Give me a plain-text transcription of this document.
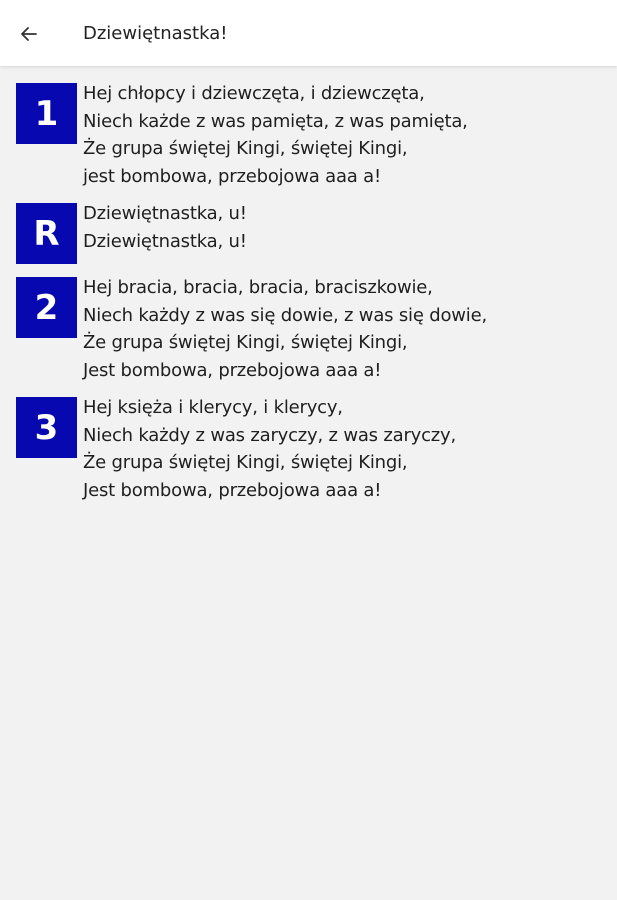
Dziewiętnastka!
1	Hej chłopcy i dziewczęta, i dziewczęta,
Niech każde z was pamięta, z was pamięta,
Że grupa świętej Kingi, świętej Kingi,
jest bombowa, przebojowa aaa a!
R	Dziewiętnastka, u!
Dziewiętnastka, u!
2	Hej bracia, bracia, bracia, braciszkowie,
Niech każdy z was się dowie, z was się dowie,
Że grupa świętej Kingi, świętej Kingi,
Jest bombowa, przebojowa aaa a!
3	Hej księża i klerycy, i klerycy,
Niech każdy z was zaryczy, z was zaryczy,
Że grupa świętej Kingi, świętej Kingi,
Jest bombowa, przebojowa aaa a!
